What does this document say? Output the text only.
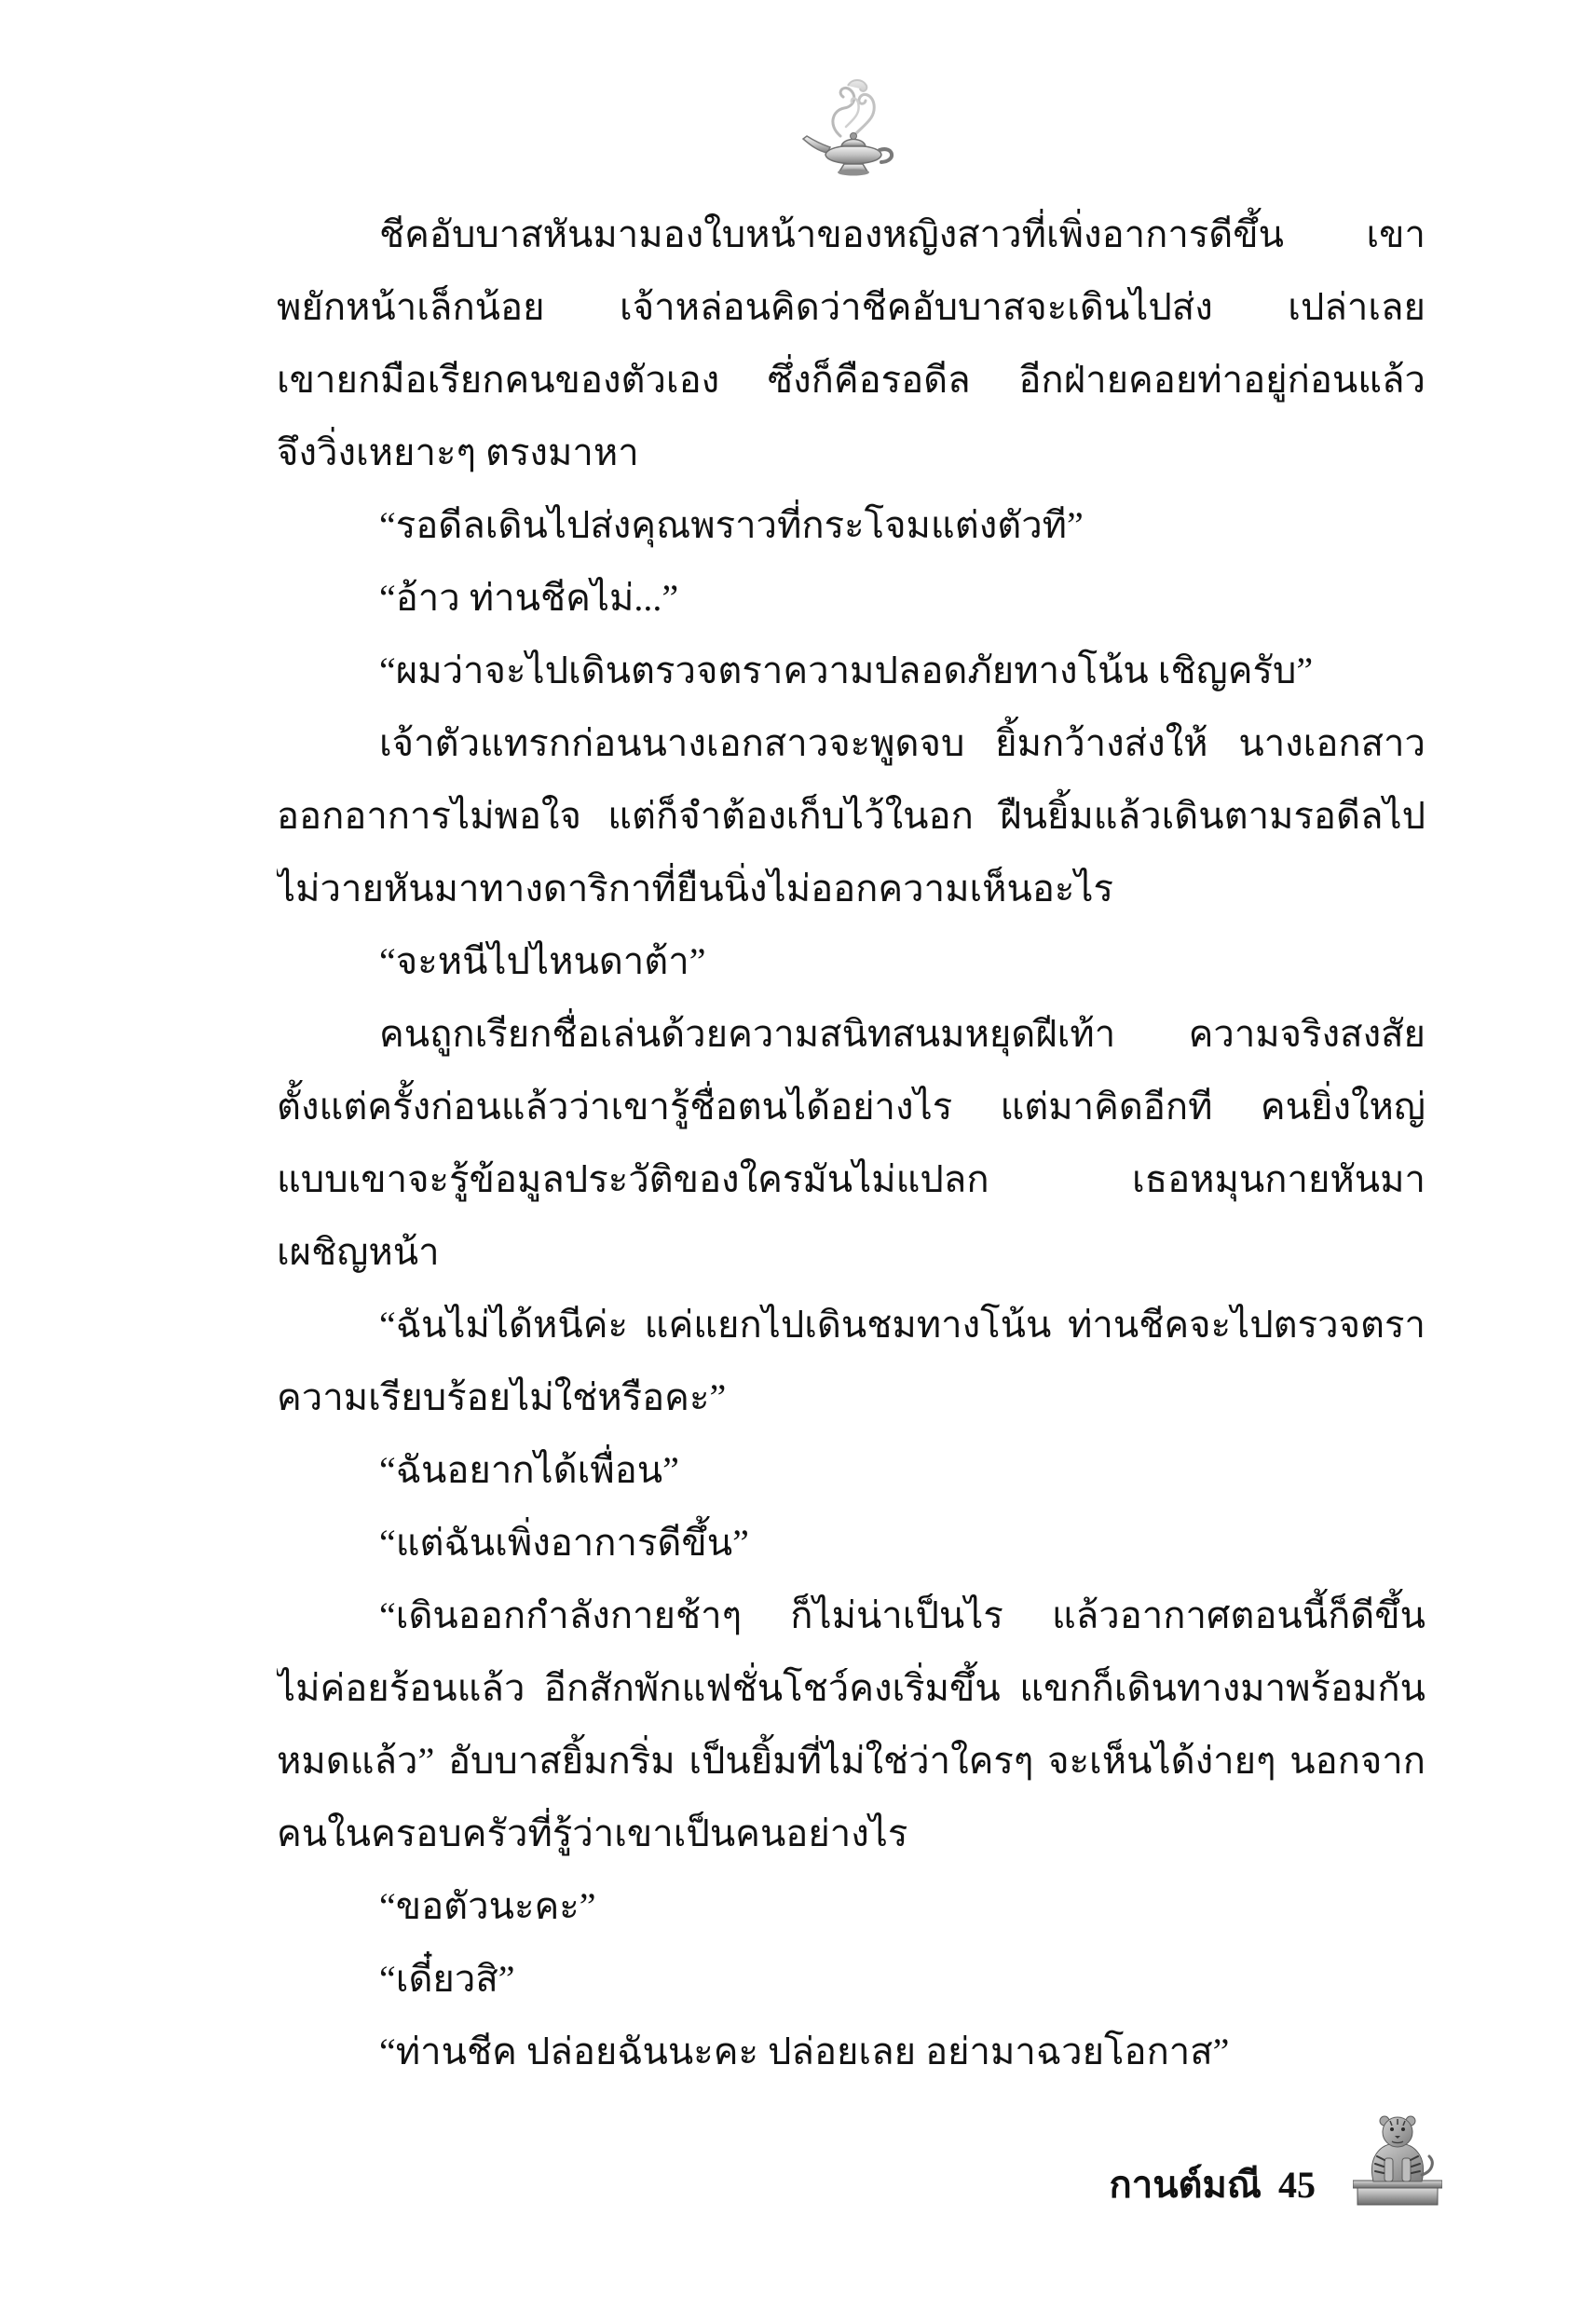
ชีคอับบาสหันมามองใบหน้าของหญิงสาวที่เพิ่งอาการดีขึ้น เขา
พยักหน้าเล็กน้อย เจ้าหล่อนคิดว่าชีคอับบาสจะเดินไปส่ง เปล่าเลย
เขายกมือเรียกคนของตัวเอง ซึ่งก็คือรอดีล อีกฝ่ายคอยท่าอยู่ก่อนแล้ว
จึงวิ่งเหยาะๆ ตรงมาหา
“รอดีลเดินไปส่งคุณพราวที่กระโจมแต่งตัวที”
“อ้าว ท่านชีคไม่...”
“ผมว่าจะไปเดินตรวจตราความปลอดภัยทางโน้น เชิญครับ”
เจ้าตัวแทรกก่อนนางเอกสาวจะพูดจบ ยิ้มกว้างส่งให้ นางเอกสาว
ออกอาการไม่พอใจ แต่ก็จำต้องเก็บไว้ในอก ฝืนยิ้มแล้วเดินตามรอดีลไป
ไม่วายหันมาทางดาริกาที่ยืนนิ่งไม่ออกความเห็นอะไร
“จะหนีไปไหนดาต้า”
คนถูกเรียกชื่อเล่นด้วยความสนิทสนมหยุดฝีเท้า ความจริงสงสัย
ตั้งแต่ครั้งก่อนแล้วว่าเขารู้ชื่อตนได้อย่างไร แต่มาคิดอีกที คนยิ่งใหญ่
แบบเขาจะรู้ข้อมูลประวัติของใครมันไม่แปลก เธอหมุนกายหันมา
เผชิญหน้า
“ฉันไม่ได้หนีค่ะ แค่แยกไปเดินชมทางโน้น ท่านชีคจะไปตรวจตรา
ความเรียบร้อยไม่ใช่หรือคะ”
“ฉันอยากได้เพื่อน”
“แต่ฉันเพิ่งอาการดีขึ้น”
“เดินออกกำลังกายช้าๆ ก็ไม่น่าเป็นไร แล้วอากาศตอนนี้ก็ดีขึ้น
ไม่ค่อยร้อนแล้ว อีกสักพักแฟชั่นโชว์คงเริ่มขึ้น แขกก็เดินทางมาพร้อมกัน
หมดแล้ว” อับบาสยิ้มกริ่ม เป็นยิ้มที่ไม่ใช่ว่าใครๆ จะเห็นได้ง่ายๆ นอกจาก
คนในครอบครัวที่รู้ว่าเขาเป็นคนอย่างไร
“ขอตัวนะคะ”
“เดี๋ยวสิ”
“ท่านชีค ปล่อยฉันนะคะ ปล่อยเลย อย่ามาฉวยโอกาส”
กานต์มณี 45
